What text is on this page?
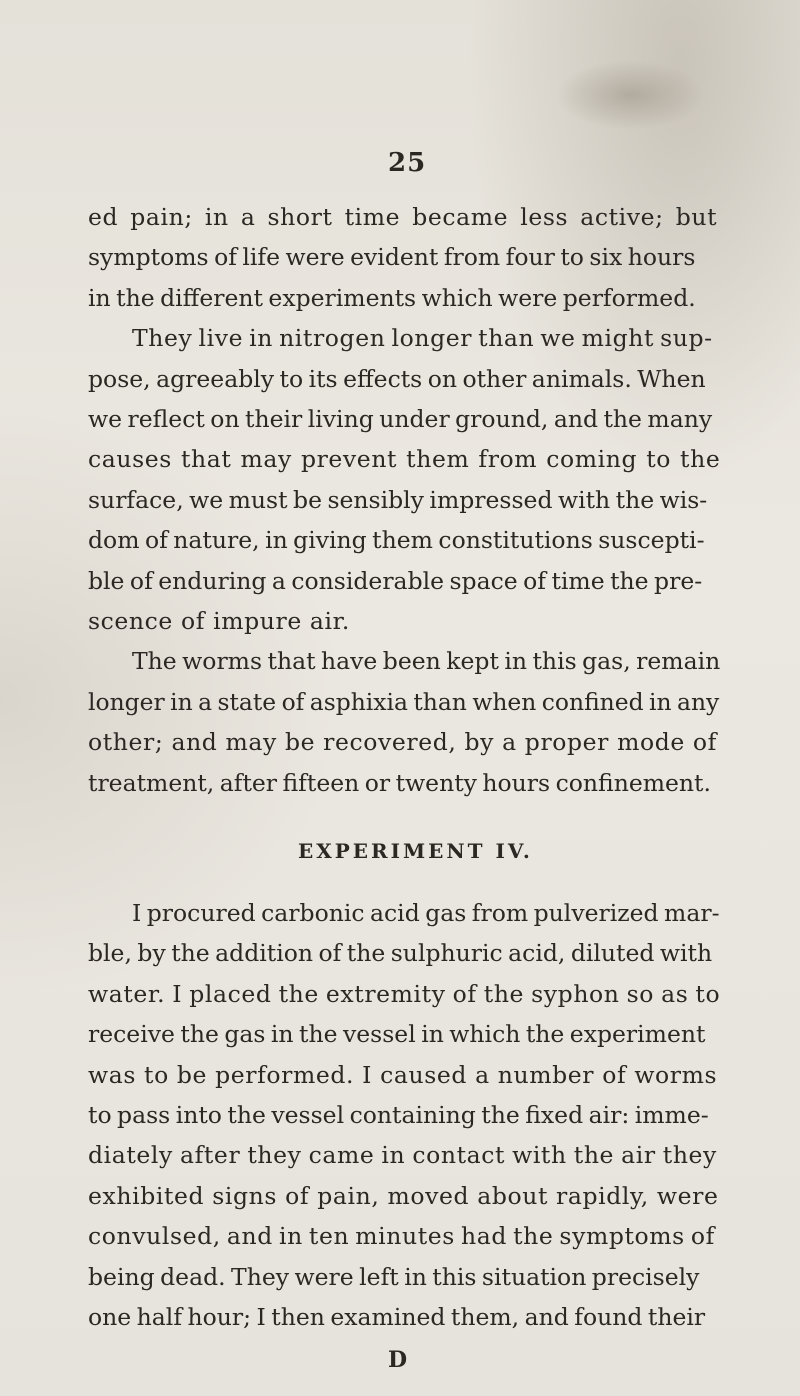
25
ed pain; in a short time became less active; but
symptoms of life were evident from four to six hours
in the different experiments which were performed.
They live in nitrogen longer than we might sup-
pose, agreeably to its effects on other animals. When
we reflect on their living under ground, and the many
causes that may prevent them from coming to the
surface, we must be sensibly impressed with the wis-
dom of nature, in giving them constitutions suscepti-
ble of enduring a considerable space of time the pre-
scence of impure air.
The worms that have been kept in this gas, remain
longer in a state of asphixia than when confined in any
other; and may be recovered, by a proper mode of
treatment, after fifteen or twenty hours confinement.
EXPERIMENT IV.
I procured carbonic acid gas from pulverized mar-
ble, by the addition of the sulphuric acid, diluted with
water. I placed the extremity of the syphon so as to
receive the gas in the vessel in which the experiment
was to be performed. I caused a number of worms
to pass into the vessel containing the fixed air: imme-
diately after they came in contact with the air they
exhibited signs of pain, moved about rapidly, were
convulsed, and in ten minutes had the symptoms of
being dead. They were left in this situation precisely
one half hour; I then examined them, and found their
D
